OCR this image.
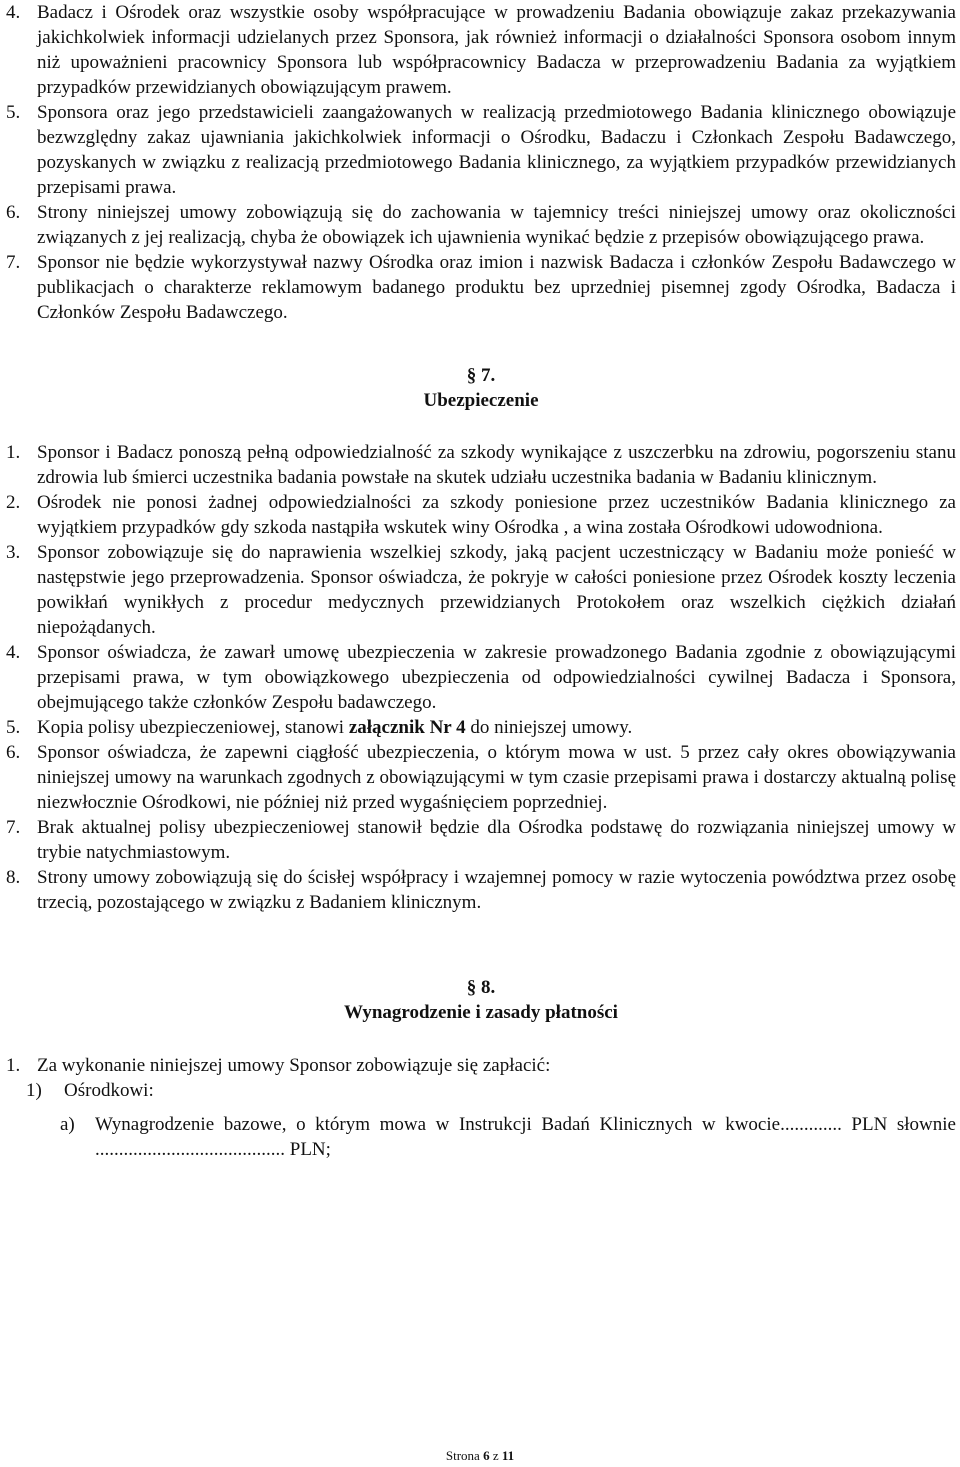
4. Badacz i Ośrodek oraz wszystkie osoby współpracujące w prowadzeniu Badania obowiązuje zakaz przekazywania jakichkolwiek informacji udzielanych przez Sponsora, jak również informacji o działalności Sponsora osobom innym niż upoważnieni pracownicy Sponsora lub współpracownicy Badacza w przeprowadzeniu Badania za wyjątkiem przypadków przewidzianych obowiązującym prawem.
5. Sponsora oraz jego przedstawicieli zaangażowanych w realizacją przedmiotowego Badania klinicznego obowiązuje bezwzględny zakaz ujawniania jakichkolwiek informacji o Ośrodku, Badaczu i Członkach Zespołu Badawczego, pozyskanych w związku z realizacją przedmiotowego Badania klinicznego, za wyjątkiem przypadków przewidzianych przepisami prawa.
6. Strony niniejszej umowy zobowiązują się do zachowania w tajemnicy treści niniejszej umowy oraz okoliczności związanych z jej realizacją, chyba że obowiązek ich ujawnienia wynikać będzie z przepisów obowiązującego prawa.
7. Sponsor nie będzie wykorzystywał nazwy Ośrodka oraz imion i nazwisk Badacza i członków Zespołu Badawczego w publikacjach o charakterze reklamowym badanego produktu bez uprzedniej pisemnej zgody Ośrodka, Badacza i Członków Zespołu Badawczego.
§ 7.
Ubezpieczenie
1. Sponsor i Badacz ponoszą pełną odpowiedzialność za szkody wynikające z uszczerbku na zdrowiu, pogorszeniu stanu zdrowia lub śmierci uczestnika badania powstałe na skutek udziału uczestnika badania w Badaniu klinicznym.
2. Ośrodek nie ponosi żadnej odpowiedzialności za szkody poniesione przez uczestników Badania klinicznego za wyjątkiem przypadków gdy szkoda nastąpiła wskutek winy Ośrodka , a wina została Ośrodkowi udowodniona.
3. Sponsor zobowiązuje się do naprawienia wszelkiej szkody, jaką pacjent uczestniczący w Badaniu może ponieść w następstwie jego przeprowadzenia. Sponsor oświadcza, że pokryje w całości poniesione przez Ośrodek koszty leczenia powikłań wynikłych z procedur medycznych przewidzianych Protokołem oraz wszelkich ciężkich działań niepożądanych.
4. Sponsor oświadcza, że zawarł umowę ubezpieczenia w zakresie prowadzonego Badania zgodnie z obowiązującymi przepisami prawa, w tym obowiązkowego ubezpieczenia od odpowiedzialności cywilnej Badacza i Sponsora, obejmującego także członków Zespołu badawczego.
5. Kopia polisy ubezpieczeniowej, stanowi załącznik Nr 4 do niniejszej umowy.
6. Sponsor oświadcza, że zapewni ciągłość ubezpieczenia, o którym mowa w ust. 5 przez cały okres obowiązywania niniejszej umowy na warunkach zgodnych z obowiązującymi w tym czasie przepisami prawa i dostarczy aktualną polisę niezwłocznie Ośrodkowi, nie później niż przed wygaśnięciem poprzedniej.
7. Brak aktualnej polisy ubezpieczeniowej stanowił będzie dla Ośrodka podstawę do rozwiązania niniejszej umowy w trybie natychmiastowym.
8. Strony umowy zobowiązują się do ścisłej współpracy i wzajemnej pomocy w razie wytoczenia powództwa przez osobę trzecią, pozostającego w związku z Badaniem klinicznym.
§ 8.
Wynagrodzenie i zasady płatności
1. Za wykonanie niniejszej umowy Sponsor zobowiązuje się zapłacić:
1) Ośrodkowi:
a) Wynagrodzenie bazowe, o którym mowa w Instrukcji Badań Klinicznych w kwocie............. PLN słownie ........................................ PLN;
Strona 6 z 11
